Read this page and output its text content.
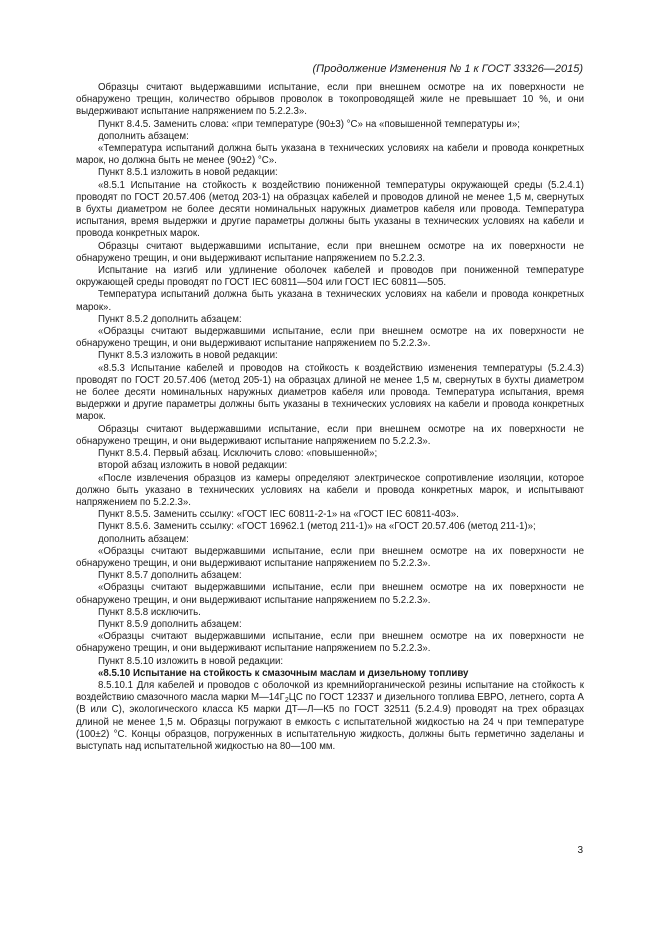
(Продолжение Изменения № 1 к ГОСТ 33326—2015)

Образцы считают выдержавшими испытание, если при внешнем осмотре на их поверхности не обнаружено трещин, количество обрывов проволок в токопроводящей жиле не превышает 10 %, и они выдерживают испытание напряжением по 5.2.2.3».

Пункт 8.4.5. Заменить слова: «при температуре (90±3) °С» на «повышенной температуры и»;

дополнить абзацем:

«Температура испытаний должна быть указана в технических условиях на кабели и провода конкретных марок, но должна быть не менее (90±2) °С».

Пункт 8.5.1 изложить в новой редакции:

«8.5.1 Испытание на стойкость к воздействию пониженной температуры окружающей среды (5.2.4.1) проводят по ГОСТ 20.57.406 (метод 203-1) на образцах кабелей и проводов длиной не менее 1,5 м, свернутых в бухты диаметром не более десяти номинальных наружных диаметров кабеля или провода. Температура испытания, время выдержки и другие параметры должны быть указаны в технических условиях на кабели и провода конкретных марок.

Образцы считают выдержавшими испытание, если при внешнем осмотре на их поверхности не обнаружено трещин, и они выдерживают испытание напряжением по 5.2.2.3.

Испытание на изгиб или удлинение оболочек кабелей и проводов при пониженной температуре окружающей среды проводят по ГОСТ IEC 60811—504 или ГОСТ IEC 60811—505.

Температура испытаний должна быть указана в технических условиях на кабели и провода конкретных марок».

Пункт 8.5.2 дополнить абзацем:

«Образцы считают выдержавшими испытание, если при внешнем осмотре на их поверхности не обнаружено трещин, и они выдерживают испытание напряжением по 5.2.2.3».

Пункт 8.5.3 изложить в новой редакции:

«8.5.3 Испытание кабелей и проводов на стойкость к воздействию изменения температуры (5.2.4.3) проводят по ГОСТ 20.57.406 (метод 205-1) на образцах длиной не менее 1,5 м, свернутых в бухты диаметром не более десяти номинальных наружных диаметров кабеля или провода. Температура испытания, время выдержки и другие параметры должны быть указаны в технических условиях на кабели и провода конкретных марок.

Образцы считают выдержавшими испытание, если при внешнем осмотре на их поверхности не обнаружено трещин, и они выдерживают испытание напряжением по 5.2.2.3».

Пункт 8.5.4. Первый абзац. Исключить слово: «повышенной»;

второй абзац изложить в новой редакции:

«После извлечения образцов из камеры определяют электрическое сопротивление изоляции, которое должно быть указано в технических условиях на кабели и провода конкретных марок, и испытывают напряжением по 5.2.2.3».

Пункт 8.5.5. Заменить ссылку: «ГОСТ IEC 60811-2-1» на «ГОСТ IEC 60811-403».

Пункт 8.5.6. Заменить ссылку: «ГОСТ 16962.1 (метод 211-1)» на «ГОСТ 20.57.406 (метод 211-1)»;

дополнить абзацем:

«Образцы считают выдержавшими испытание, если при внешнем осмотре на их поверхности не обнаружено трещин, и они выдерживают испытание напряжением по 5.2.2.3».

Пункт 8.5.7 дополнить абзацем:

«Образцы считают выдержавшими испытание, если при внешнем осмотре на их поверхности не обнаружено трещин, и они выдерживают испытание напряжением по 5.2.2.3».

Пункт 8.5.8 исключить.

Пункт 8.5.9 дополнить абзацем:

«Образцы считают выдержавшими испытание, если при внешнем осмотре на их поверхности не обнаружено трещин, и они выдерживают испытание напряжением по 5.2.2.3».

Пункт 8.5.10 изложить в новой редакции:

«8.5.10 Испытание на стойкость к смазочным маслам и дизельному топливу

8.5.10.1 Для кабелей и проводов с оболочкой из кремнийорганической резины испытание на стойкость к воздействию смазочного масла марки $М—14Г_2ЦС$ по ГОСТ 12337 и дизельного топлива ЕВРО, летнего, сорта А (В или С), экологического класса К5 марки ДТ—Л—К5 по ГОСТ 32511 (5.2.4.9) проводят на трех образцах длиной не менее 1,5 м. Образцы погружают в емкость с испытательной жидкостью на 24 ч при температуре (100±2) °С. Концы образцов, погруженных в испытательную жидкость, должны быть герметично заделаны и выступать над испытательной жидкостью на 80—100 мм.

3
